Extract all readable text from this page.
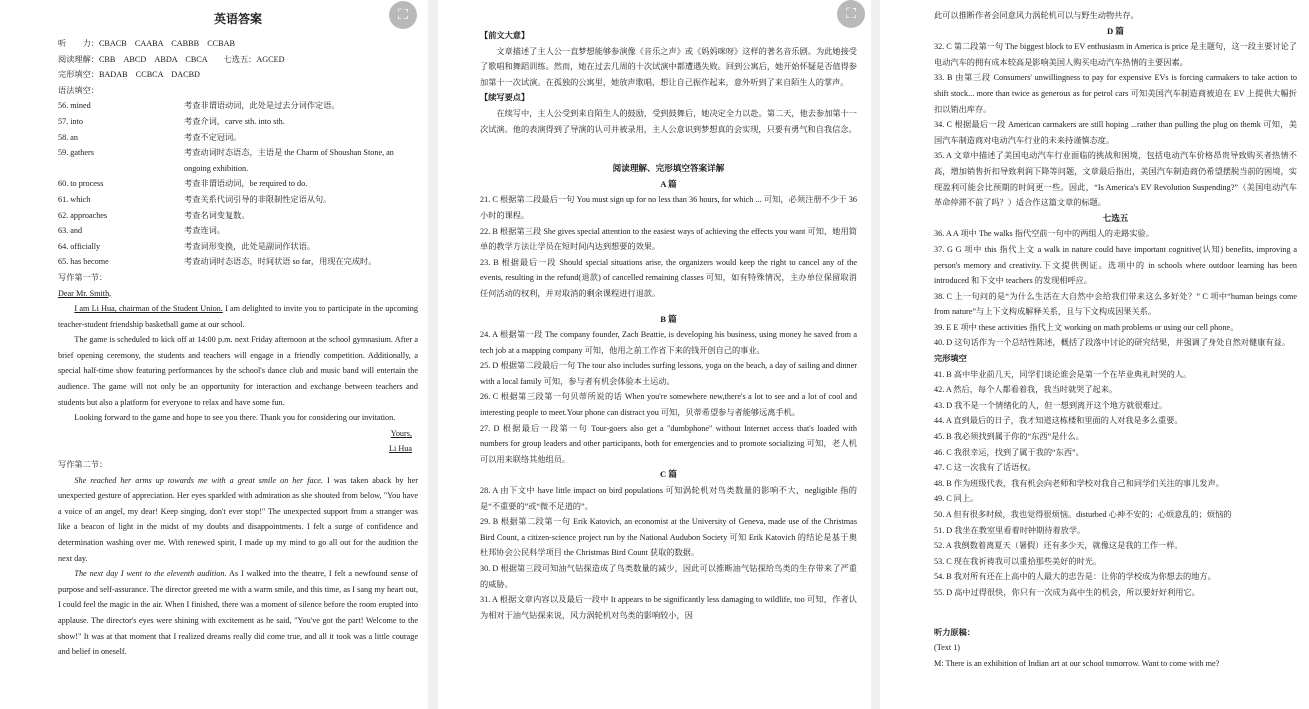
英语答案
听　　力：CBACB　CAABA　CABBB　CCBAB
阅读理解：CBB　ABCD　ABDA　CBCA　　七选五：AGCED
完形填空：BADAB　CCBCA　DACBD
语法填空：
56. mined	考查非谓语动词，此处是过去分词作定语。
57. into	考查介词，carve sth. into sth.
58. an	考查不定冠词。
59. gathers	考查动词时态语态，主语是 the Charm of Shoushan Stone, an
ongoing exhibition.
60. to process	考查非谓语动词，be required to do.
61. which	考查关系代词引导的非限制性定语从句。
62. approaches	考查名词变复数。
63. and	考查连词。
64. officially	考查词形变换，此处是副词作状语。
65. has become	考查动词时态语态，时间状语 so far，用现在完成时。
写作第一节：
Dear Mr. Smith,
I am Li Hua, chairman of the Student Union. I am delighted to invite you to participate in the upcoming teacher-student friendship basketball game at our school.
The game is scheduled to kick off at 14:00 p.m. next Friday afternoon at the school gymnasium. After a brief opening ceremony, the students and teachers will engage in a friendly competition. Additionally, a special half-time show featuring performances by the school's dance club and music band will entertain the audience. The game will not only be an opportunity for interaction and exchange between teachers and students but also a platform for everyone to relax and have some fun.
Looking forward to the game and hope to see you there. Thank you for considering our invitation.
Yours,
Li Hua
写作第二节：
She reached her arms up towards me with a great smile on her face. I was taken aback by her unexpected gesture of appreciation. Her eyes sparkled with admiration as she shouted from below, "You have a voice of an angel, my dear! Keep singing, don't ever stop!" The unexpected support from a stranger was like a beacon of light in the midst of my doubts and disappointments. I felt a surge of confidence and determination washing over me. With renewed spirit, I made up my mind to go all out for the audition the next day.
The next day I went to the eleventh audition. As I walked into the theatre, I felt a newfound sense of purpose and self-assurance. The director greeted me with a warm smile, and this time, as I sang my heart out, I could feel the magic in the air. When I finished, there was a moment of silence before the room erupted into applause. The director's eyes were shining with excitement as he said, "You've got the part! Welcome to the show!" It was at that moment that I realized dreams really did come true, and all it took was a little courage and belief in oneself.
⛶
【前文大意】
文章描述了主人公一直梦想能够参演像《音乐之声》或《妈妈咪呀》这样的著名音乐剧。为此她接受了歌唱和舞蹈训练。然而，她在过去几周的十次试演中都遭遇失败。回到公寓后，她开始怀疑是否值得参加第十一次试演。在孤独的公寓里，她放声歌唱，想让自己振作起来，意外听到了来自陌生人的掌声。
【续写要点】
在续写中，主人公受到来自陌生人的鼓励，受到鼓舞后，她决定全力以赴。第二天，他去参加第十一次试演。他的表演得到了导演的认可并被录用，主人公意识到梦想真的会实现，只要有勇气和自我信念。
阅读理解、完形填空答案详解
A 篇
21. C 根据第二段最后一句 You must sign up for no less than 36 hours, for which ... 可知，必须注册不少于 36 小时的课程。
22. B 根据第三段 She gives special attention to the easiest ways of achieving the effects you want 可知，她用简单的教学方法让学员在短时间内达到想要的效果。
23. B 根据最后一段 Should special situations arise, the organizers would keep the right to cancel any of the events, resulting in the refund(退款) of cancelled remaining classes 可知，如有特殊情况，主办单位保留取消任何活动的权利，并对取消的剩余课程进行退款。
B 篇
24. A 根据第一段 The company founder, Zach Beattie, is developing his business, using money he saved from a tech job at a mapping company 可知，他用之前工作省下来的钱开创自己的事业。
25. D 根据第二段最后一句 The tour also includes surfing lessons, yoga on the beach, a day of sailing and dinner with a local family 可知，参与者有机会体验本土运动。
26. C 根据第三段第一句贝蒂所说的话 When you're somewhere new,there's a lot to see and a lot of cool and interesting people to meet.Your phone can distract you 可知，贝蒂希望参与者能够远离手机。
27. D 根据最后一段第一句 Tour-goers also get a "dumbphone" without Internet access that's loaded with numbers for group leaders and other participants, both for emergencies and to promote socializing 可知，老人机可以用来联络其他组员。
C 篇
28. A 由下文中 have little impact on bird populations 可知涡轮机对鸟类数量的影响不大，negligible 指的是“不重要的”或“微不足道的”。
29. B 根据第二段第一句 Erik Katovich, an economist at the University of Geneva, made use of the Christmas Bird Count, a citizen-science project run by the National Audubon Society 可知 Erik Katovich 的结论是基于奥杜邦协会公民科学项目 the Christmas Bird Count 获取的数据。
30. D 根据第三段可知油气钻探造成了鸟类数量的减少，因此可以推断油气钻探给鸟类的生存带来了严重的威胁。
31. A 根据文章内容以及最后一段中 It appears to be significantly less damaging to wildlife, too 可知，作者认为相对于油气钻探来说，风力涡轮机对鸟类的影响较小，因
⛶	此可以推断作者会同意风力涡轮机可以与野生动物共存。
D 篇
32. C 第二段第一句 The biggest block to EV enthusiasm in America is price 是主题句，这一段主要讨论了电动汽车的拥有成本较高是影响美国人购买电动汽车热情的主要因素。
33. B 由第三段 Consumers' unwillingness to pay for expensive EVs is forcing carmakers to take action to shift stock... more than twice as generous as for petrol cars 可知美国汽车制造商被迫在 EV 上提供大幅折扣以销出库存。
34. C 根据最后一段 American carmakers are still hoping ...rather than pulling the plug on themk 可知，美国汽车制造商对电动汽车行业的未来持谨慎态度。
35. A 文章中描述了美国电动汽车行业面临的挑战和困境，包括电动汽车价格昂贵导致购买者热情不高，增加销售折扣导致利润下降等问题，文章最后指出，美国汽车制造商仍希望摆脱当前的困境，实现盈利可能会比预期的时间更一些。因此，“Is America's EV Revolution Suspending?”（美国电动汽车革命停滞不前了吗？）适合作这篇文章的标题。
七选五
36. A A 项中 The walks 指代空前一句中的两组人的走路实验。
37. G G 项中 this 指代上文 a walk in nature could have important cognitive(认知) benefits, improving a person's memory and creativity.下文提供例证。选项中的 in schools where outdoor learning has been introduced 和下文中 teachers 的发现相呼应。
38. C 上一句问的是“为什么生活在大自然中会给我们带来这么多好处？” C 项中“human beings come from nature”与上下文构成解释关系，且与下文构成因果关系。
39. E E 项中 these activities 指代上文 working on math problems or using our cell phone。
40. D 这句话作为一个总结性陈述，概括了段落中讨论的研究结果，并强调了身处自然对健康有益。
完形填空
41. B 高中毕业前几天，同学们谈论谁会是第一个在毕业典礼时哭的人。
42. A 然后，每个人都看着我，我当时就哭了起来。
43. D 我不是一个情绪化的人，但一想到离开这个地方就很难过。
44. A 直到最后的日子，我才知道这栋楼和里面的人对我是多么重要。
45. B 我必须找到属于你的“东西”是什么。
46. C 我很幸运，找到了属于我的“东西”。
47. C 这一次我有了话语权。
48. B 作为班级代表，我有机会向老师和学校对我自己和同学们关注的事儿发声。
49. C 同上。
50. A 但有很多时候，我也觉得很烦恼。disturbed 心神不安的；心烦意乱的；烦恼的
51. D 我坐在教室里看着时钟期待着放学。
52. A 我倒数着离夏天（暑假）还有多少天，就像这是我的工作一样。
53. C 现在我祈祷我可以重拾那些美好的时光。
54. B 我对所有还在上高中的人最大的忠告是：让你的学校成为你想去的地方。
55. D 高中过得很快，你只有一次成为高中生的机会，所以要好好利用它。
听力原稿：
(Text 1)
M: There is an exhibition of Indian art at our school tomorrow. Want to come with me?
